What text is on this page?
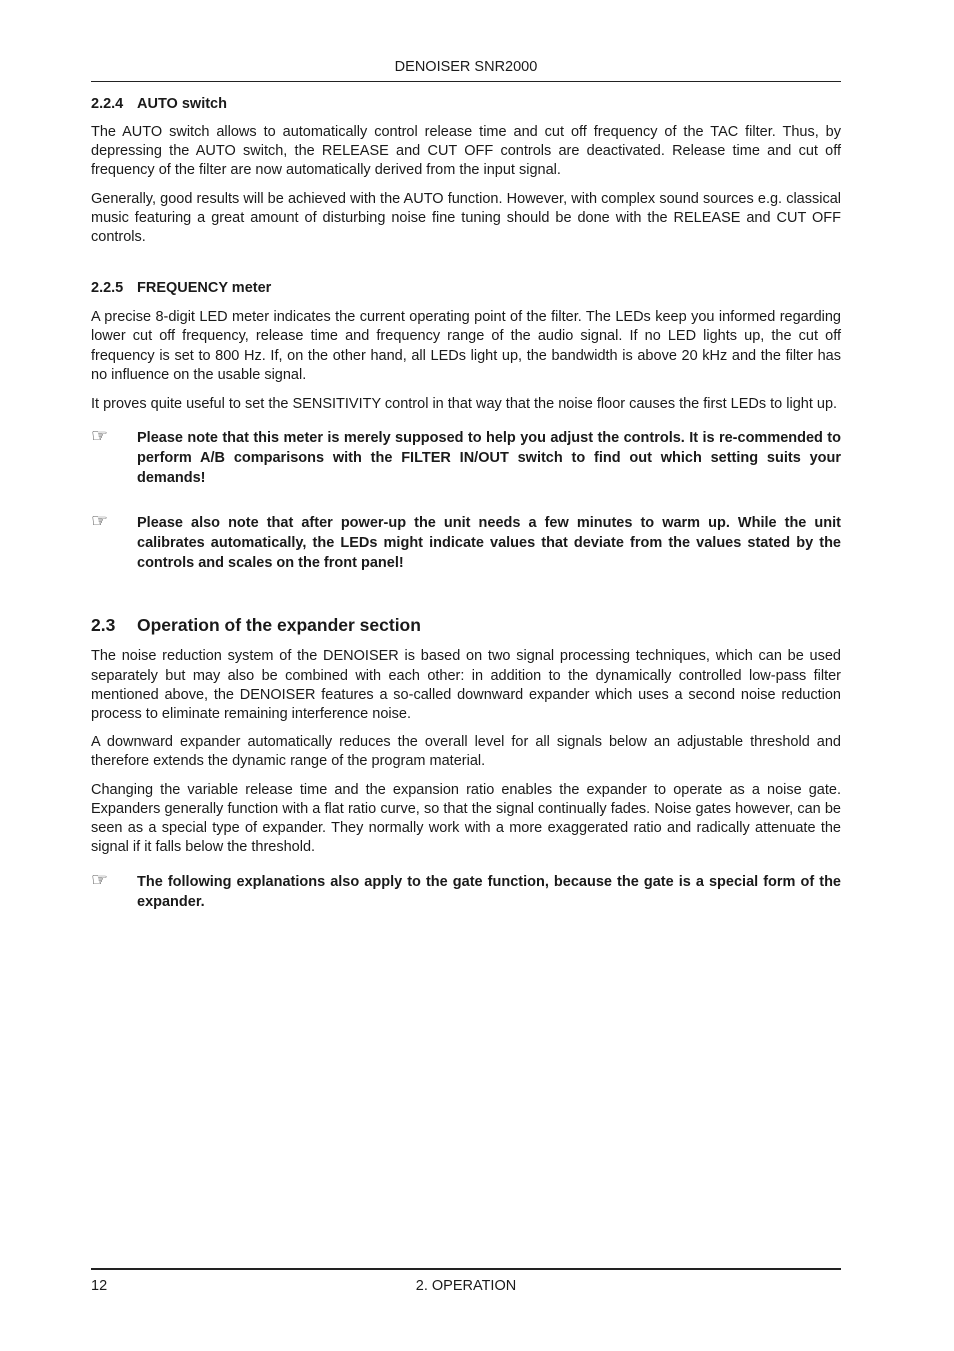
DENOISER SNR2000
2.2.4 AUTO switch

The AUTO switch allows to automatically control release time and cut off frequency of the TAC filter. Thus, by depressing the AUTO switch, the RELEASE and CUT OFF controls are deactivated. Release time and cut off frequency of the filter are now automatically derived from the input signal.

Generally, good results will be achieved with the AUTO function. However, with complex sound sources e.g. classical music featuring a great amount of disturbing noise fine tuning should be done with the RELEASE and CUT OFF controls.

2.2.5 FREQUENCY meter

A precise 8-digit LED meter indicates the current operating point of the filter. The LEDs keep you informed regarding lower cut off frequency, release time and frequency range of the audio signal. If no LED lights up, the cut off frequency is set to 800 Hz. If, on the other hand, all LEDs light up, the bandwidth is above 20 kHz and the filter has no influence on the usable signal.

It proves quite useful to set the SENSITIVITY control in that way that the noise floor causes the first LEDs to light up.

☞ Please note that this meter is merely supposed to help you adjust the controls. It is re-commended to perform A/B comparisons with the FILTER IN/OUT switch to find out which setting suits your demands!

☞ Please also note that after power-up the unit needs a few minutes to warm up. While the unit calibrates automatically, the LEDs might indicate values that deviate from the values stated by the controls and scales on the front panel!

2.3 Operation of the expander section

The noise reduction system of the DENOISER is based on two signal processing techniques, which can be used separately but may also be combined with each other: in addition to the dynamically controlled low-pass filter mentioned above, the DENOISER features a so-called downward expander which uses a second noise reduction process to eliminate remaining interference noise.

A downward expander automatically reduces the overall level for all signals below an adjustable threshold and therefore extends the dynamic range of the program material.

Changing the variable release time and the expansion ratio enables the expander to operate as a noise gate. Expanders generally function with a flat ratio curve, so that the signal continually fades. Noise gates however, can be seen as a special type of expander. They normally work with a more exaggerated ratio and radically attenuate the signal if it falls below the threshold.

☞ The following explanations also apply to the gate function, because the gate is a special form of the expander.

12	2. OPERATION
